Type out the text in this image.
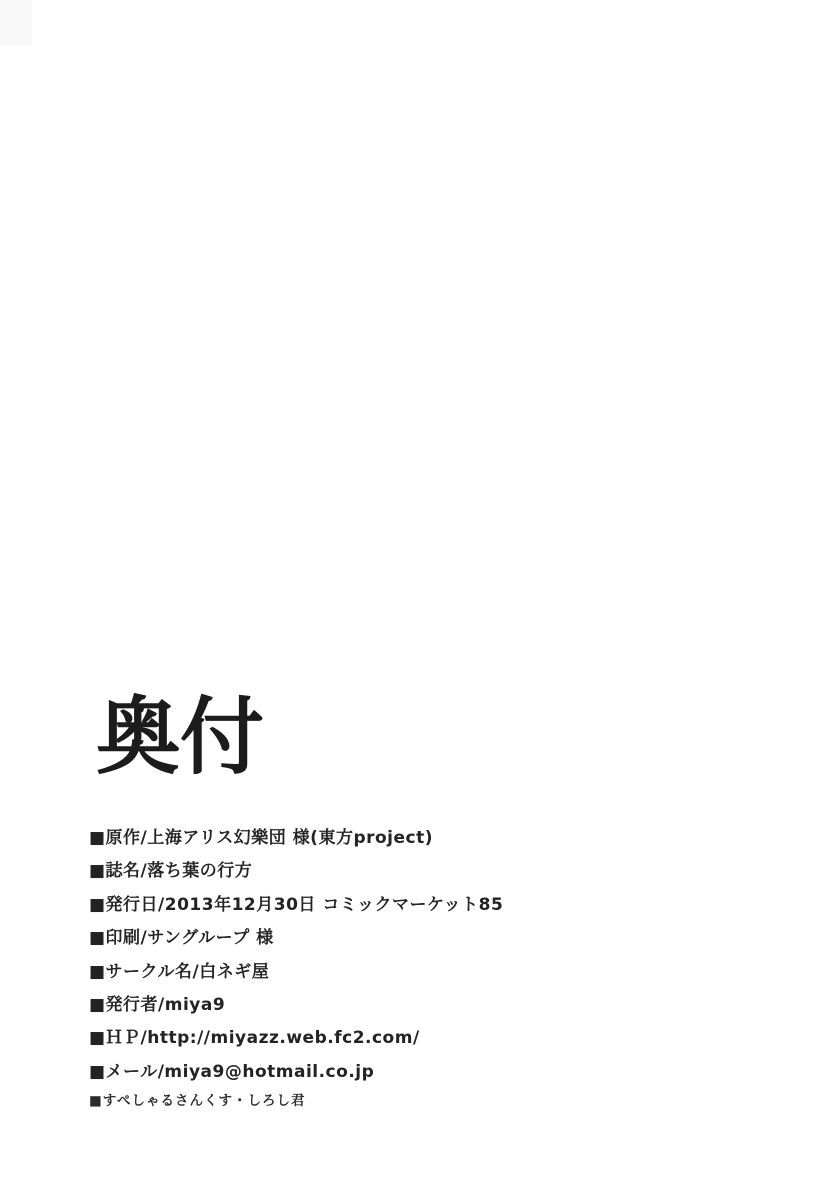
奥付
■原作/上海アリス幻樂団 様(東方project)
■誌名/落ち葉の行方
■発行日/2013年12月30日 コミックマーケット85
■印刷/サングループ 様
■サークル名/白ネギ屋
■発行者/miya9
■ＨＰ/http://miyazz.web.fc2.com/
■メール/miya9@hotmail.co.jp
■すぺしゃるさんくす・しろし君
